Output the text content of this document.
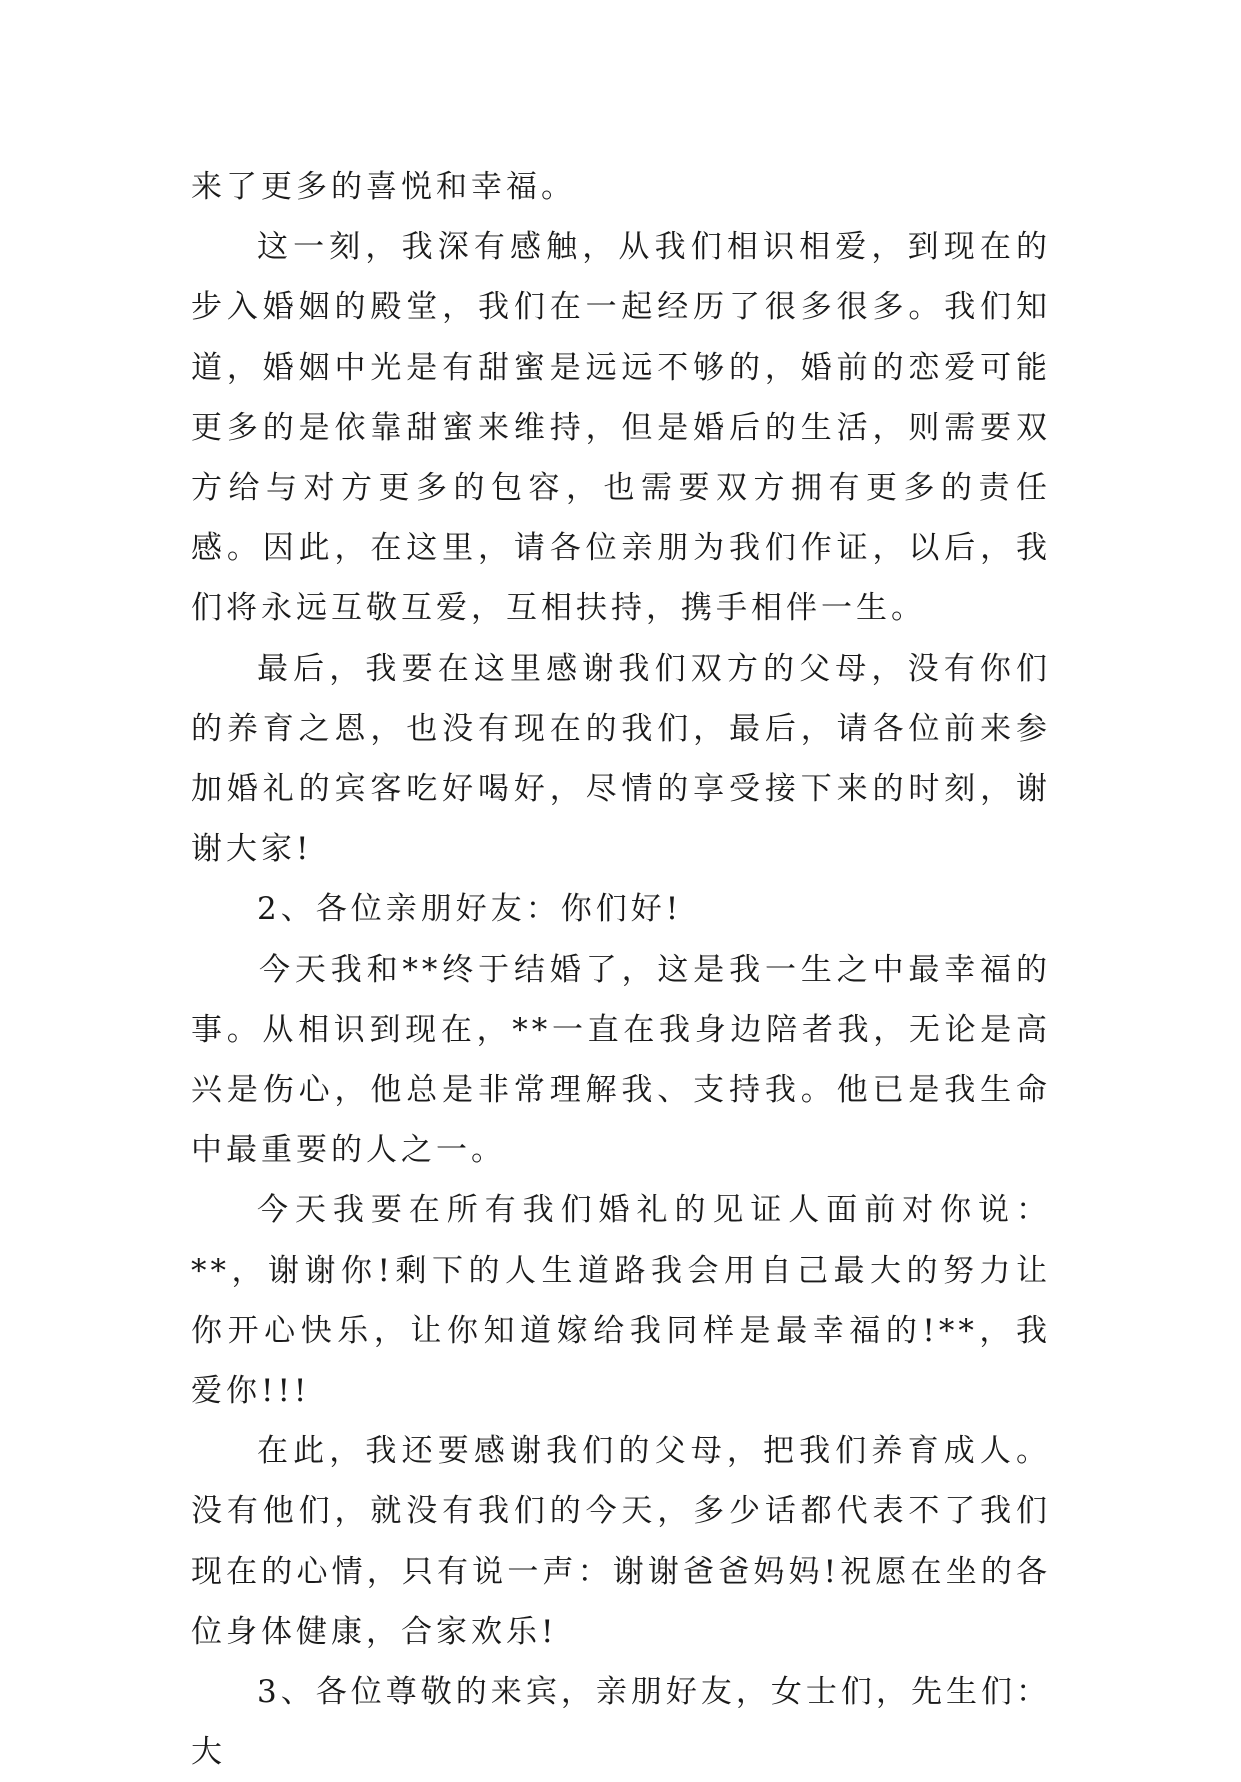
来了更多的喜悦和幸福。

这一刻，我深有感触，从我们相识相爱，到现在的步入婚姻的殿堂，我们在一起经历了很多很多。我们知道，婚姻中光是有甜蜜是远远不够的，婚前的恋爱可能更多的是依靠甜蜜来维持，但是婚后的生活，则需要双方给与对方更多的包容，也需要双方拥有更多的责任感。因此，在这里，请各位亲朋为我们作证，以后，我们将永远互敬互爱，互相扶持，携手相伴一生。

最后，我要在这里感谢我们双方的父母，没有你们的养育之恩，也没有现在的我们，最后，请各位前来参加婚礼的宾客吃好喝好，尽情的享受接下来的时刻，谢谢大家!

2、各位亲朋好友：你们好!

今天我和**终于结婚了，这是我一生之中最幸福的事。从相识到现在，**一直在我身边陪者我，无论是高兴是伤心，他总是非常理解我、支持我。他已是我生命中最重要的人之一。

今天我要在所有我们婚礼的见证人面前对你说：**，谢谢你!剩下的人生道路我会用自己最大的努力让你开心快乐，让你知道嫁给我同样是最幸福的!**，我爱你!!!

在此，我还要感谢我们的父母，把我们养育成人。没有他们，就没有我们的今天，多少话都代表不了我们现在的心情，只有说一声：谢谢爸爸妈妈!祝愿在坐的各位身体健康，合家欢乐!

3、各位尊敬的来宾，亲朋好友，女士们，先生们：大
